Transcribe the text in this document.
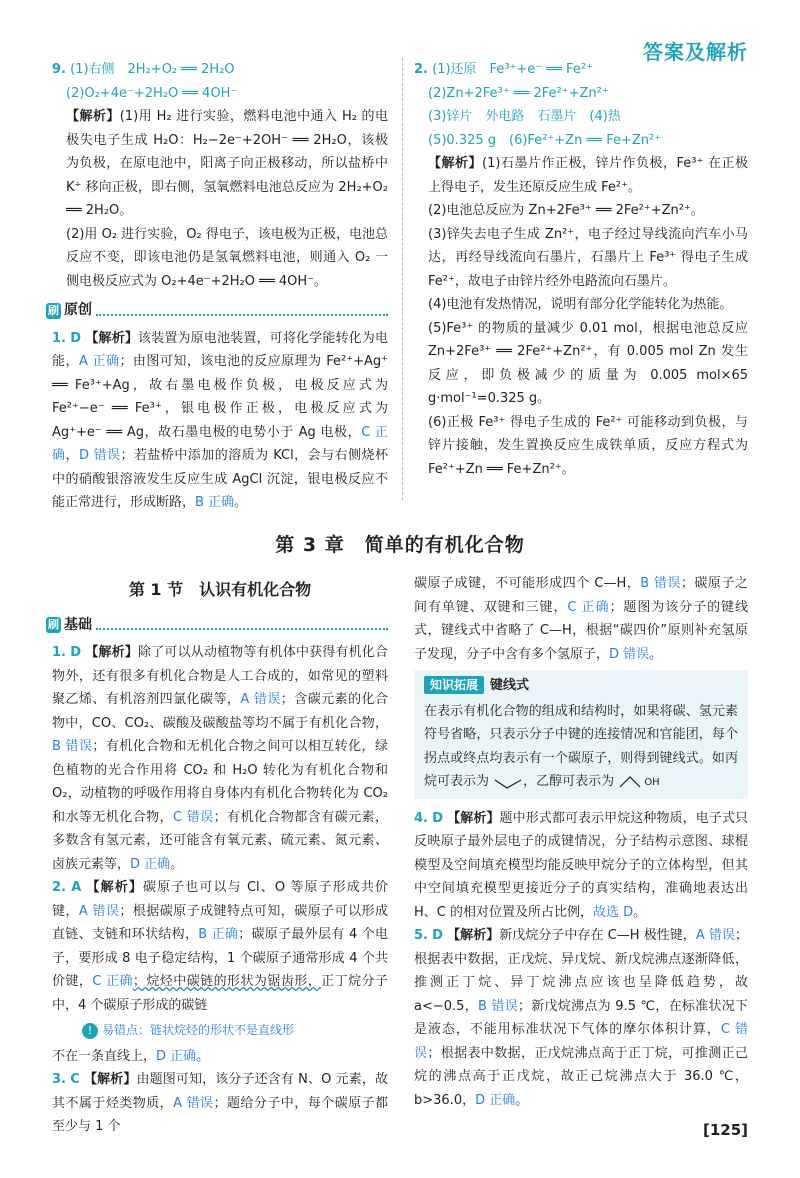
答案及解析

9. (1)右侧　2H₂+O₂ ══ 2H₂O

(2)O₂+4e⁻+2H₂O ══ 4OH⁻

【解析】(1)用 H₂ 进行实验，燃料电池中通入 H₂ 的电极失电子生成 H₂O：H₂−2e⁻+2OH⁻ ══ 2H₂O，该极为负极，在原电池中，阳离子向正极移动，所以盐桥中 K⁺ 移向正极，即右侧，氢氧燃料电池总反应为 2H₂+O₂ ══ 2H₂O。

(2)用 O₂ 进行实验，O₂ 得电子，该电极为正极，电池总反应不变，即该电池仍是氢氧燃料电池，则通入 O₂ 一侧电极反应式为 O₂+4e⁻+2H₂O ══ 4OH⁻。

刷 原创

1. D 【解析】该装置为原电池装置，可将化学能转化为电能，A 正确；由图可知，该电池的反应原理为 Fe²⁺+Ag⁺ ══ Fe³⁺+Ag，故右墨电极作负极，电极反应式为 Fe²⁺−e⁻ ══ Fe³⁺，银电极作正极，电极反应式为 Ag⁺+e⁻ ══ Ag，故石墨电极的电势小于 Ag 电极，C 正确，D 错误；若盐桥中添加的溶质为 KCl，会与右侧烧杯中的硝酸银溶液发生反应生成 AgCl 沉淀，银电极反应不能正常进行，形成断路，B 正确。

2. (1)还原　Fe³⁺+e⁻ ══ Fe²⁺

(2)Zn+2Fe³⁺ ══ 2Fe²⁺+Zn²⁺

(3)锌片　外电路　石墨片　(4)热

(5)0.325 g　(6)Fe²⁺+Zn ══ Fe+Zn²⁺

【解析】(1)石墨片作正极，锌片作负极，Fe³⁺ 在正极上得电子，发生还原反应生成 Fe²⁺。

(2)电池总反应为 Zn+2Fe³⁺ ══ 2Fe²⁺+Zn²⁺。

(3)锌失去电子生成 Zn²⁺，电子经过导线流向汽车小马达，再经导线流向石墨片，石墨片上 Fe³⁺ 得电子生成 Fe²⁺，故电子由锌片经外电路流向石墨片。

(4)电池有发热情况，说明有部分化学能转化为热能。

(5)Fe³⁺ 的物质的量减少 0.01 mol，根据电池总反应 Zn+2Fe³⁺ ══ 2Fe²⁺+Zn²⁺，有 0.005 mol Zn 发生反应，即负极减少的质量为 0.005 mol×65 g·mol⁻¹=0.325 g。

(6)正极 Fe³⁺ 得电子生成的 Fe²⁺ 可能移动到负极，与锌片接触，发生置换反应生成铁单质，反应方程式为 Fe²⁺+Zn ══ Fe+Zn²⁺。

第 3 章　简单的有机化合物
第 1 节　认识有机化合物
刷 基础

1. D 【解析】除了可以从动植物等有机体中获得有机化合物外，还有很多有机化合物是人工合成的，如常见的塑料聚乙烯、有机溶剂四氯化碳等，A 错误；含碳元素的化合物中，CO、CO₂、碳酸及碳酸盐等均不属于有机化合物，B 错误；有机化合物和无机化合物之间可以相互转化，绿色植物的光合作用将 CO₂ 和 H₂O 转化为有机化合物和 O₂，动植物的呼吸作用将自身体内有机化合物转化为 CO₂ 和水等无机化合物，C 错误；有机化合物都含有碳元素，多数含有氢元素，还可能含有氧元素、硫元素、氮元素、卤族元素等，D 正确。

2. A 【解析】碳原子也可以与 Cl、O 等原子形成共价键，A 错误；根据碳原子成键特点可知，碳原子可以形成直链、支链和环状结构，B 正确；碳原子最外层有 4 个电子，要形成 8 电子稳定结构，1 个碳原子通常形成 4 个共价键，C 正确；烷烃中碳链的形状为锯齿形，正丁烷分子中，4 个碳原子形成的碳链

! 易错点：链状烷烃的形状不是直线形

不在一条直线上，D 正确。

3. C 【解析】由题图可知，该分子还含有 N、O 元素，故其不属于烃类物质，A 错误；题给分子中，每个碳原子都至少与 1 个

碳原子成键，不可能形成四个 C—H，B 错误；碳原子之间有单键、双键和三键，C 正确；题图为该分子的键线式，键线式中省略了 C—H，根据“碳四价”原则补充氢原子发现，分子中含有多个氢原子，D 错误。

知识拓展 键线式

在表示有机化合物的组成和结构时，如果将碳、氢元素符号省略，只表示分子中键的连接情况和官能团，每个拐点或终点均表示有一个碳原子，则得到键线式。如丙烷可表示为	，乙醇可表示为	OH

4. D 【解析】题中形式都可表示甲烷这种物质，电子式只反映原子最外层电子的成键情况，分子结构示意图、球棍模型及空间填充模型均能反映甲烷分子的立体构型，但其中空间填充模型更接近分子的真实结构，准确地表达出 H、C 的相对位置及所占比例，故选 D。

5. D 【解析】新戊烷分子中存在 C—H 极性键，A 错误；根据表中数据，正戊烷、异戊烷、新戊烷沸点逐渐降低，推测正丁烷、异丁烷沸点应该也呈降低趋势，故 a<−0.5，B 错误；新戊烷沸点为 9.5 ℃，在标准状况下是液态，不能用标准状况下气体的摩尔体积计算，C 错误；根据表中数据，正戊烷沸点高于正丁烷，可推测正己烷的沸点高于正戊烷，故正己烷沸点大于 36.0 ℃，b>36.0，D 正确。

[125]
